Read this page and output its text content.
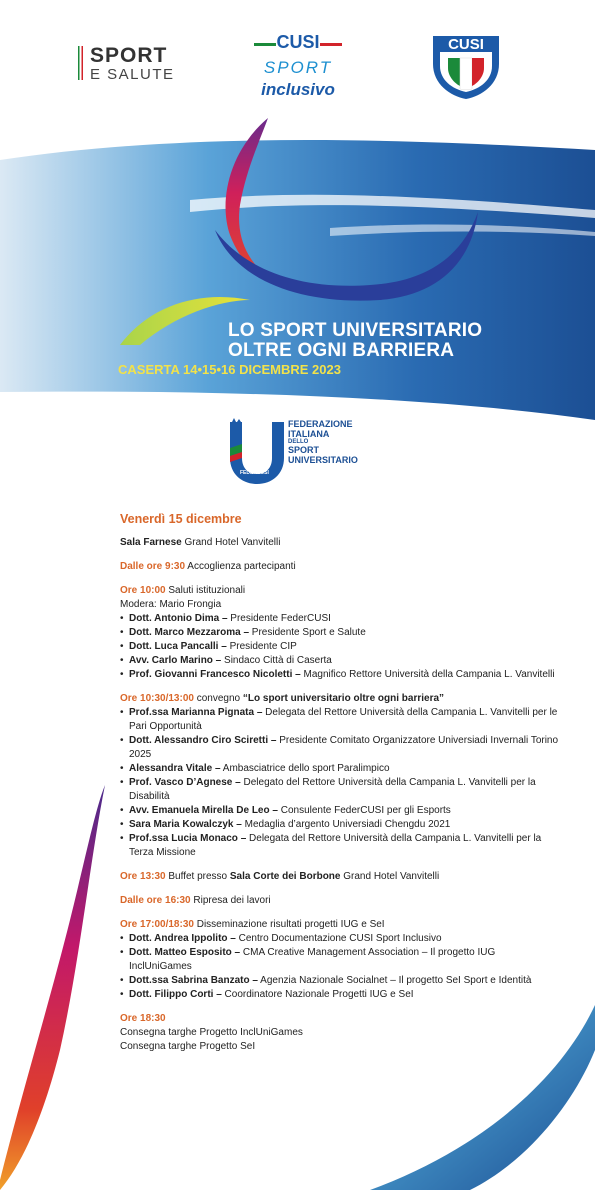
SPORT
E SALUTE
CUSI
SPORT
inclusivo
CUSI
LO SPORT UNIVERSITARIO
OLTRE OGNI BARRIERA
CASERTA 14•15•16 DICEMBRE 2023
FEDERCUSI
FEDERAZIONE
ITALIANA
DELLO
SPORT
UNIVERSITARIO
Venerdì 15 dicembre
Sala Farnese Grand Hotel Vanvitelli
Dalle ore 9:30 Accoglienza partecipanti
Ore 10:00 Saluti istituzionali
Modera: Mario Frongia
• Dott. Antonio Dima – Presidente FederCUSI
• Dott. Marco Mezzaroma – Presidente Sport e Salute
• Dott. Luca Pancalli – Presidente CIP
• Avv. Carlo Marino – Sindaco Città di Caserta
• Prof. Giovanni Francesco Nicoletti – Magnifico Rettore Università della Campania L. Vanvitelli
Ore 10:30/13:00 convegno “Lo sport universitario oltre ogni barriera”
• Prof.ssa Marianna Pignata – Delegata del Rettore Università della Campania L. Vanvitelli per le Pari Opportunità
• Dott. Alessandro Ciro Sciretti – Presidente Comitato Organizzatore Universiadi Invernali Torino 2025
• Alessandra Vitale – Ambasciatrice dello sport Paralimpico
• Prof. Vasco D’Agnese – Delegato del Rettore Università della Campania L. Vanvitelli per la Disabilità
• Avv. Emanuela Mirella De Leo – Consulente FederCUSI per gli Esports
• Sara Maria Kowalczyk – Medaglia d’argento Universiadi Chengdu 2021
• Prof.ssa Lucia Monaco – Delegata del Rettore Università della Campania L. Vanvitelli per la Terza Missione
Ore 13:30 Buffet presso Sala Corte dei Borbone Grand Hotel Vanvitelli
Dalle ore 16:30 Ripresa dei lavori
Ore 17:00/18:30 Disseminazione risultati progetti IUG e SeI
• Dott. Andrea Ippolito – Centro Documentazione CUSI Sport Inclusivo
• Dott. Matteo Esposito – CMA Creative Management Association – Il progetto IUG InclUniGames
• Dott.ssa Sabrina Banzato – Agenzia Nazionale Socialnet – Il progetto SeI Sport e Identità
• Dott. Filippo Corti – Coordinatore Nazionale Progetti IUG e SeI
Ore 18:30
Consegna targhe Progetto InclUniGames
Consegna targhe Progetto SeI
